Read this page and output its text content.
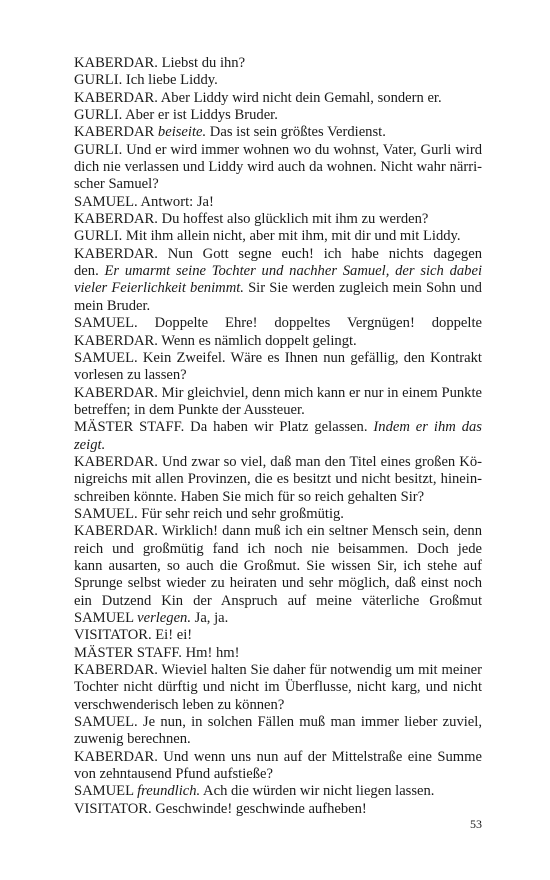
KABERDAR. Liebst du ihn?
GURLI. Ich liebe Liddy.
KABERDAR. Aber Liddy wird nicht dein Gemahl, sondern er.
GURLI. Aber er ist Liddys Bruder.
KABERDAR beiseite. Das ist sein größtes Verdienst.
GURLI. Und er wird immer wohnen wo du wohnst, Vater, Gurli wird
dich nie verlassen und Liddy wird auch da wohnen. Nicht wahr närri-
scher Samuel?
SAMUEL. Antwort: Ja!
KABERDAR. Du hoffest also glücklich mit ihm zu werden?
GURLI. Mit ihm allein nicht, aber mit ihm, mit dir und mit Liddy.
KABERDAR. Nun Gott segne euch! ich habe nichts dagegen
den. Er umarmt seine Tochter und nachher Samuel, der sich dabei
vieler Feierlichkeit benimmt. Sir Sie werden zugleich mein Sohn und
mein Bruder.
SAMUEL. Doppelte Ehre! doppeltes Vergnügen! doppelte
KABERDAR. Wenn es nämlich doppelt gelingt.
SAMUEL. Kein Zweifel. Wäre es Ihnen nun gefällig, den Kontrakt
vorlesen zu lassen?
KABERDAR. Mir gleichviel, denn mich kann er nur in einem Punkte
betreffen; in dem Punkte der Aussteuer.
MÄSTER STAFF. Da haben wir Platz gelassen. Indem er ihm das
zeigt.
KABERDAR. Und zwar so viel, daß man den Titel eines großen Kö-
nigreichs mit allen Provinzen, die es besitzt und nicht besitzt, hinein-
schreiben könnte. Haben Sie mich für so reich gehalten Sir?
SAMUEL. Für sehr reich und sehr großmütig.
KABERDAR. Wirklich! dann muß ich ein seltner Mensch sein, denn
reich und großmütig fand ich noch nie beisammen. Doch jede
kann ausarten, so auch die Großmut. Sie wissen Sir, ich stehe auf
Sprunge selbst wieder zu heiraten und sehr möglich, daß einst noch
ein Dutzend Kin der Anspruch auf meine väterliche Großmut
SAMUEL verlegen. Ja, ja.
VISITATOR. Ei! ei!
MÄSTER STAFF. Hm! hm!
KABERDAR. Wieviel halten Sie daher für notwendig um mit meiner
Tochter nicht dürftig und nicht im Überflusse, nicht karg, und nicht
verschwenderisch leben zu können?
SAMUEL. Je nun, in solchen Fällen muß man immer lieber zuviel,
zuwenig berechnen.
KABERDAR. Und wenn uns nun auf der Mittelstraße eine Summe
von zehntausend Pfund aufstieße?
SAMUEL freundlich. Ach die würden wir nicht liegen lassen.
VISITATOR. Geschwinde! geschwinde aufheben!
53
